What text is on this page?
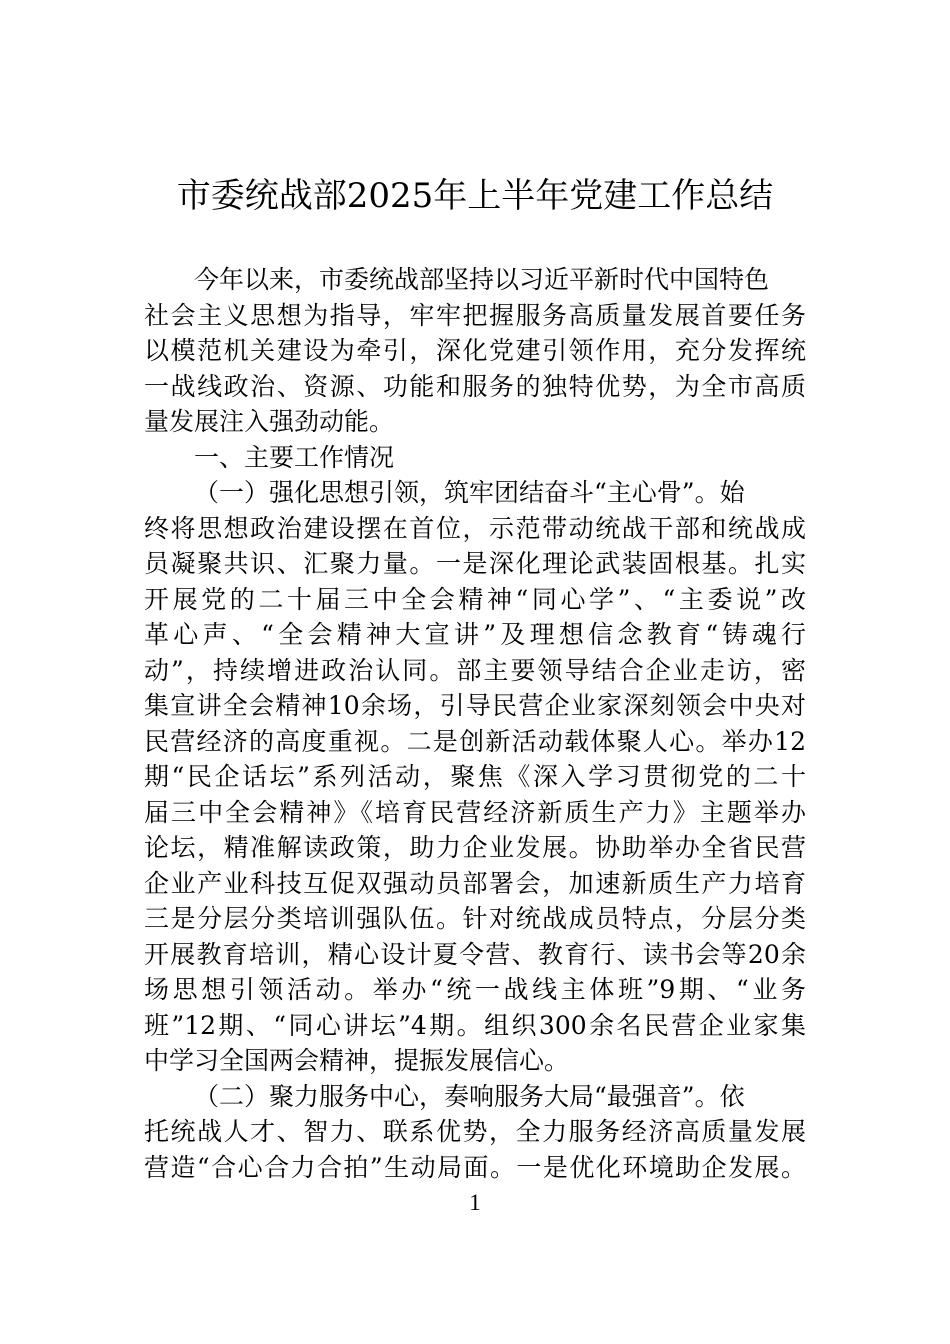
市委统战部2025年上半年党建工作总结
今年以来，市委统战部坚持以习近平新时代中国特色
社会主义思想为指导，牢牢把握服务高质量发展首要任务
以模范机关建设为牵引，深化党建引领作用，充分发挥统
一战线政治、资源、功能和服务的独特优势，为全市高质
量发展注入强劲动能。
一、主要工作情况
（一）强化思想引领，筑牢团结奋斗“主心骨”。始
终将思想政治建设摆在首位，示范带动统战干部和统战成
员凝聚共识、汇聚力量。一是深化理论武装固根基。扎实
开展党的二十届三中全会精神“同心学”、“主委说”改
革心声、“全会精神大宣讲”及理想信念教育“铸魂行
动”，持续增进政治认同。部主要领导结合企业走访，密
集宣讲全会精神10余场，引导民营企业家深刻领会中央对
民营经济的高度重视。二是创新活动载体聚人心。举办12
期“民企话坛”系列活动，聚焦《深入学习贯彻党的二十
届三中全会精神》《培育民营经济新质生产力》主题举办
论坛，精准解读政策，助力企业发展。协助举办全省民营
企业产业科技互促双强动员部署会，加速新质生产力培育
三是分层分类培训强队伍。针对统战成员特点，分层分类
开展教育培训，精心设计夏令营、教育行、读书会等20余
场思想引领活动。举办“统一战线主体班”9期、“业务
班”12期、“同心讲坛”4期。组织300余名民营企业家集
中学习全国两会精神，提振发展信心。
（二）聚力服务中心，奏响服务大局“最强音”。依
托统战人才、智力、联系优势，全力服务经济高质量发展
营造“合心合力合拍”生动局面。一是优化环境助企发展。
1
